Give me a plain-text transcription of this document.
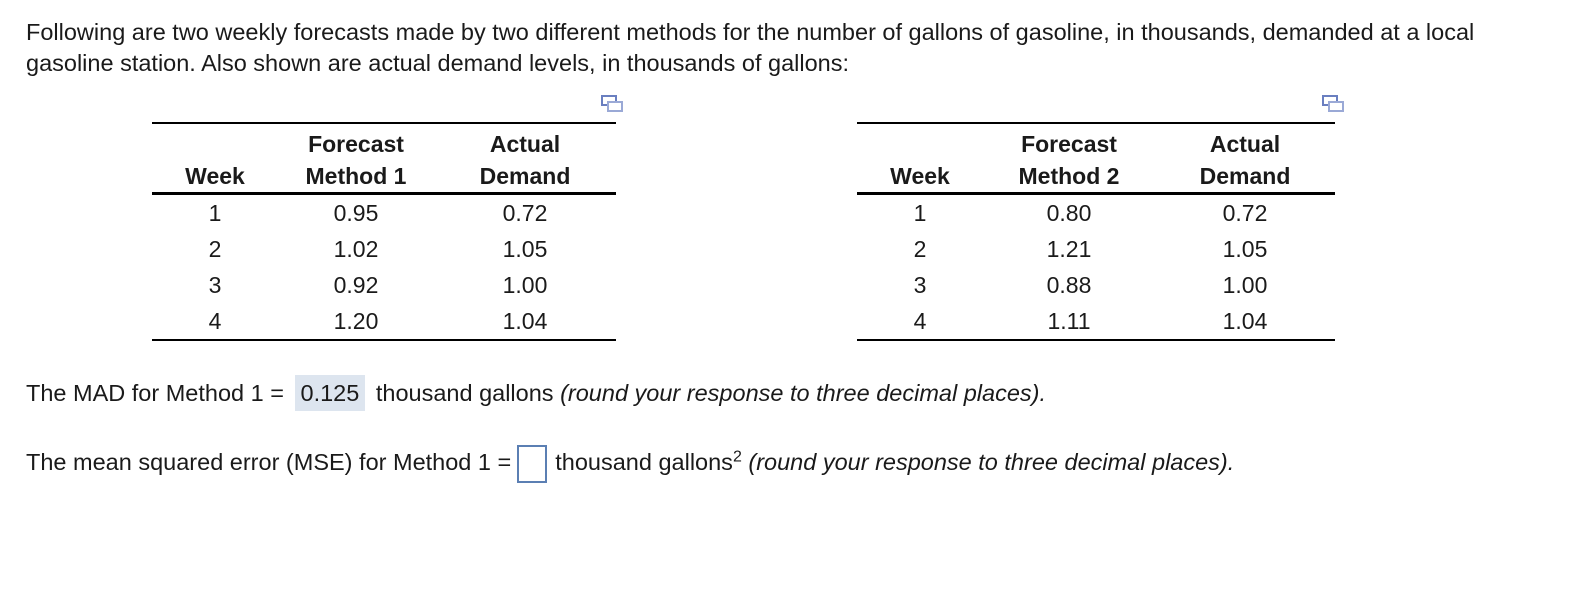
Following are two weekly forecasts made by two different methods for the number of gallons of gasoline, in thousands, demanded at a local gasoline station. Also shown are actual demand levels, in thousands of gallons:

	Forecast	Actual
Week	Method 1	Demand
1	0.95	0.72
2	1.02	1.05
3	0.92	1.00
4	1.20	1.04
	Forecast	Actual
Week	Method 2	Demand
1	0.80	0.72
2	1.21	1.05
3	0.88	1.00
4	1.11	1.04
The MAD for Method 1 = 0.125 thousand gallons (round your response to three decimal places).
The mean squared error (MSE) for Method 1 = thousand gallons$^2$ (round your response to three decimal places).
